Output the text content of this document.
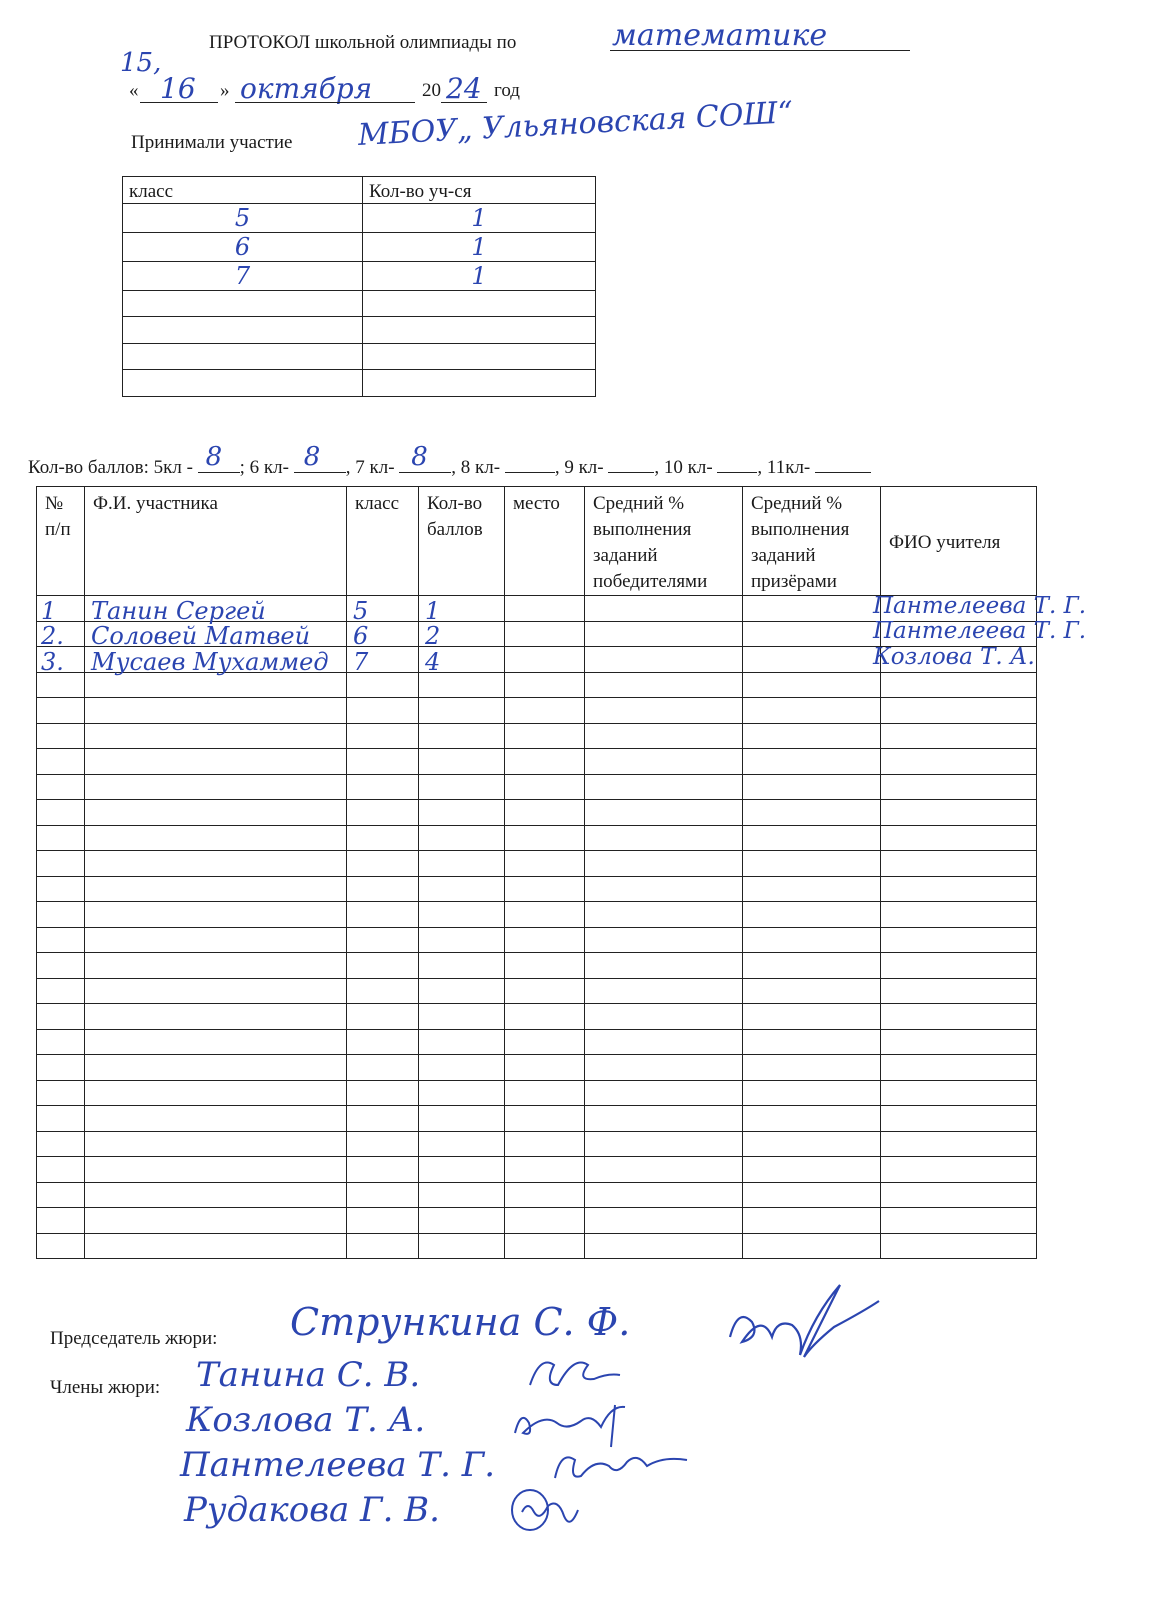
ПРОТОКОЛ школьной олимпиады по	математике
15,
« 16 » октября	20 24 год
Принимали участие МБОУ„ Ульяновская СОШ“
класс	Кол-во уч-ся
5	1
6	1
7	1

Кол-во баллов: 5кл - 8 ; 6 кл- 8 , 7 кл- 8 , 8 кл-	, 9 кл-	, 10 кл- , 11кл-
№ п/п	Ф.И. участника	класс	Кол-во баллов	место	Средний % выполнения заданий победителями	Средний % выполнения заданий призёрами	ФИО учителя

1	Танин Сергей	5	1				Пантелеева Т. Г.

2.	Соловей Матвей	6	2				Пантелеева Т. Г.

3.	Мусаев Мухаммед	7	4				Козлова Т. А.

Председатель жюри: Стрункина С. Ф.
Члены жюри: Танина С. В.
Козлова Т. А.
Пантелеева Т. Г.
Рудакова Г. В.
